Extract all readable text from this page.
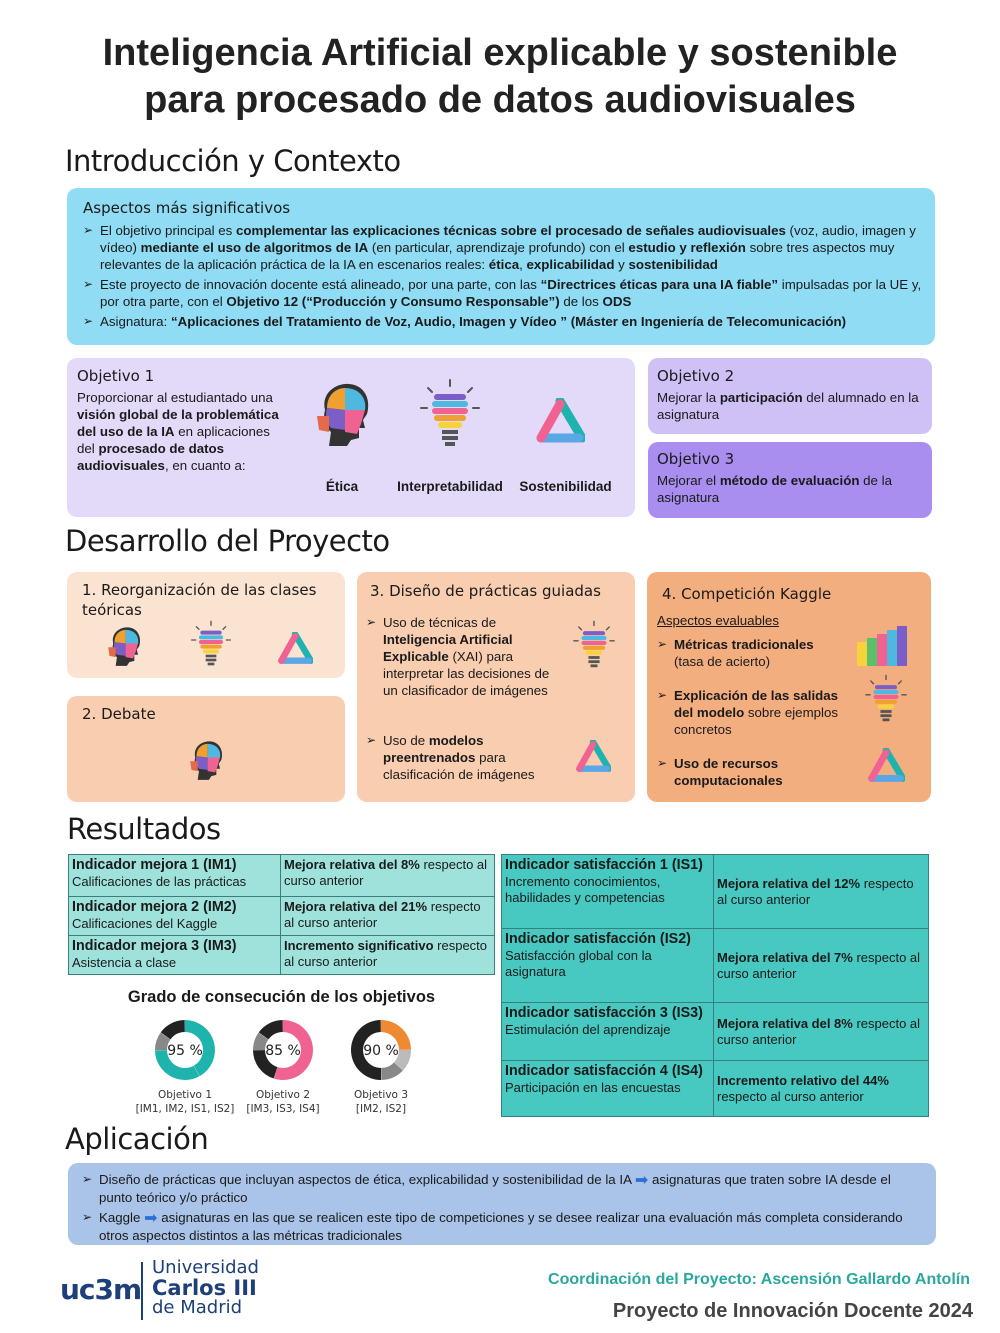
Inteligencia Artificial explicable y sostenible
para procesado de datos audiovisuales
Introducción y Contexto
Aspectos más significativos
➢ El objetivo principal es complementar las explicaciones técnicas sobre el procesado de señales audiovisuales (voz, audio, imagen y vídeo) mediante el uso de algoritmos de IA (en particular, aprendizaje profundo) con el estudio y reflexión sobre tres aspectos muy relevantes de la aplicación práctica de la IA en escenarios reales: ética, explicabilidad y sostenibilidad
➢ Este proyecto de innovación docente está alineado, por una parte, con las “Directrices éticas para una IA fiable” impulsadas por la UE y, por otra parte, con el Objetivo 12 (“Producción y Consumo Responsable”) de los ODS
➢ Asignatura: “Aplicaciones del Tratamiento de Voz, Audio, Imagen y Vídeo ” (Máster en Ingeniería de Telecomunicación)
Objetivo 1
Proporcionar al estudiantado una visión global de la problemática del uso de la IA en aplicaciones del procesado de datos audiovisuales, en cuanto a:
Ética	Interpretabilidad	Sostenibilidad
Objetivo 2
Mejorar la participación del alumnado en la asignatura
Objetivo 3
Mejorar el método de evaluación de la asignatura
Desarrollo del Proyecto
1. Reorganización de las clases teóricas
2. Debate
3. Diseño de prácticas guiadas
➢ Uso de técnicas de Inteligencia Artificial Explicable (XAI) para interpretar las decisiones de un clasificador de imágenes
➢ Uso de modelos preentrenados para clasificación de imágenes
4. Competición Kaggle
Aspectos evaluables
➢ Métricas tradicionales
(tasa de acierto)
➢ Explicación de las salidas del modelo sobre ejemplos concretos
➢ Uso de recursos computacionales
Resultados
Indicador mejora 1 (IM1)
Calificaciones de las prácticas	Mejora relativa del 8% respecto al curso anterior

Indicador mejora 2 (IM2)
Calificaciones del Kaggle	Mejora relativa del 21% respecto al curso anterior

Indicador mejora 3 (IM3)
Asistencia a clase	Incremento significativo respecto al curso anterior
Grado de consecución de los objetivos
95 %
Objetivo 1
[IM1, IM2, IS1, IS2]
85 %
Objetivo 2
[IM3, IS3, IS4]
90 %
Objetivo 3
[IM2, IS2]
Indicador satisfacción 1 (IS1)
Incremento conocimientos, habilidades y competencias	Mejora relativa del 12% respecto al curso anterior

Indicador satisfacción (IS2)
Satisfacción global con la asignatura	Mejora relativa del 7% respecto al curso anterior

Indicador satisfacción 3 (IS3)
Estimulación del aprendizaje	Mejora relativa del 8% respecto al curso anterior

Indicador satisfacción 4 (IS4)
Participación en las encuestas	Incremento relativo del 44% respecto al curso anterior
Aplicación
➢ Diseño de prácticas que incluyan aspectos de ética, explicabilidad y sostenibilidad de la IA ➡ asignaturas que traten sobre IA desde el punto teórico y/o práctico
➢ Kaggle ➡ asignaturas en las que se realicen este tipo de competiciones y se desee realizar una evaluación más completa considerando otros aspectos distintos a las métricas tradicionales
uc3m
Universidad
Carlos III
de Madrid
Coordinación del Proyecto: Ascensión Gallardo Antolín
Proyecto de Innovación Docente 2024
